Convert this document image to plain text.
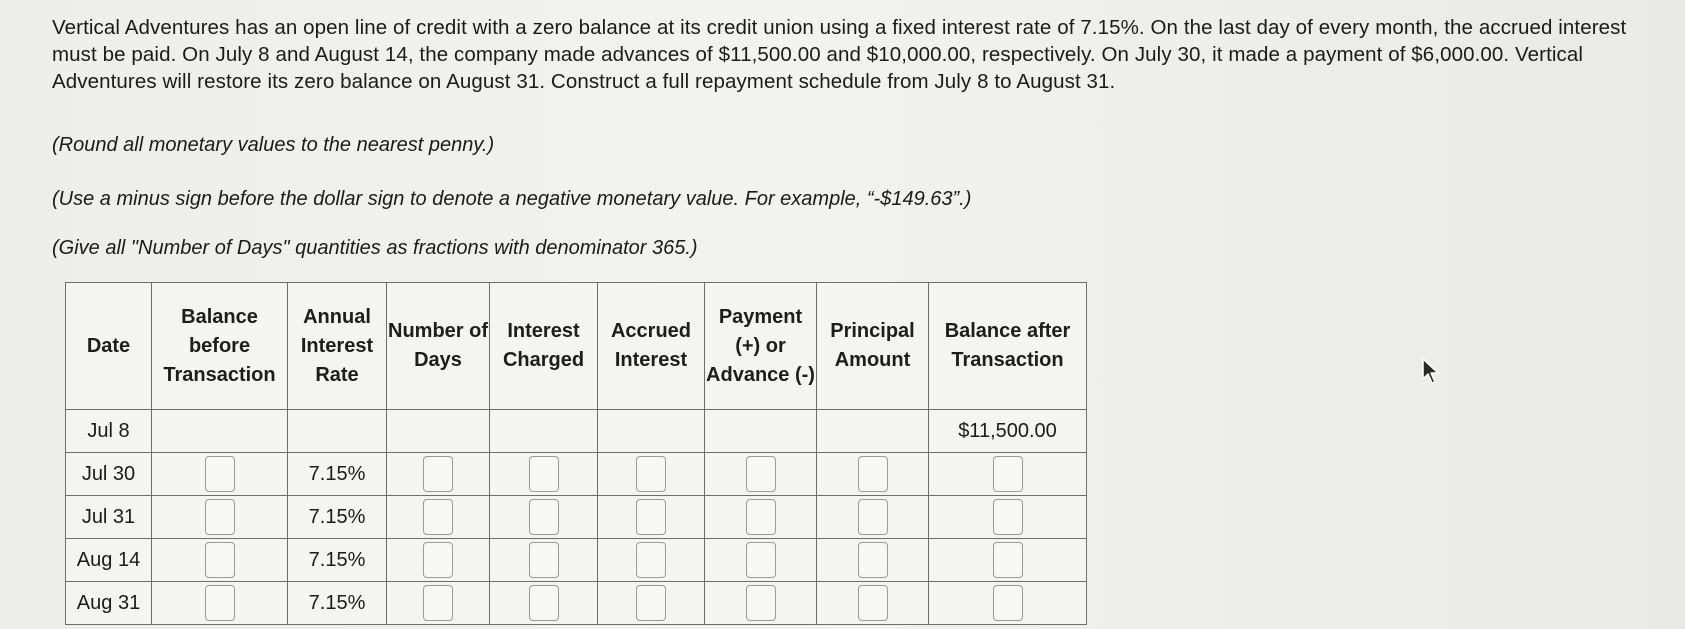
Vertical Adventures has an open line of credit with a zero balance at its credit union using a fixed interest rate of 7.15%. On the last day of every month, the accrued interest must be paid. On July 8 and August 14, the company made advances of $11,500.00 and $10,000.00, respectively. On July 30, it made a payment of $6,000.00. Vertical Adventures will restore its zero balance on August 31. Construct a full repayment schedule from July 8 to August 31.

(Round all monetary values to the nearest penny.)
(Use a minus sign before the dollar sign to denote a negative monetary value. For example, “-$149.63”.)
(Give all "Number of Days" quantities as fractions with denominator 365.)
Date	Balance before Transaction	Annual Interest Rate	Number of Days	Interest Charged	Accrued Interest	Payment (+) or Advance (-)	Principal Amount	Balance after Transaction
Jul 8								$11,500.00
Jul 30		7.15%						
Jul 31		7.15%						
Aug 14		7.15%						
Aug 31		7.15%						
